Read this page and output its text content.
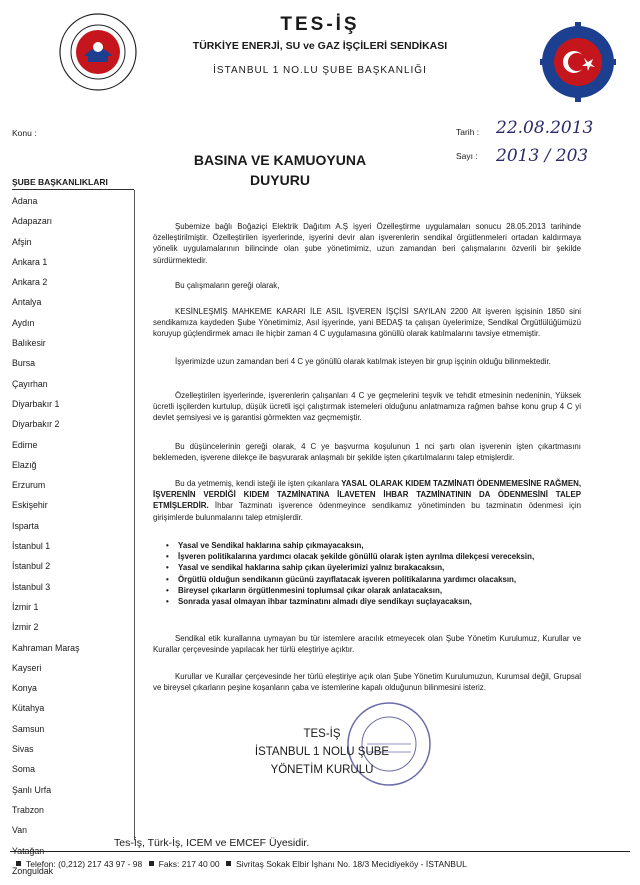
TES-İŞ
TÜRKİYE ENERJİ, SU ve GAZ İŞÇİLERİ SENDİKASI
İSTANBUL 1 NO.LU ŞUBE BAŞKANLIĞI
Konu :	Tarih : 22.08.2013
Sayı : 2013 / 203
BASINA VE KAMUOYUNA
DUYURU
ŞUBE BAŞKANLIKLARI
Adana
Adapazarı
Afşin
Ankara 1
Ankara 2
Antalya
Aydın
Balıkesir
Bursa
Çayırhan
Diyarbakır 1
Diyarbakır 2
Edirne
Elazığ
Erzurum
Eskişehir
Isparta
İstanbul 1
İstanbul 2
İstanbul 3
İzmir 1
İzmir 2
Kahraman Maraş
Kayseri
Konya
Kütahya
Samsun
Sivas
Soma
Şanlı Urfa
Trabzon
Van
Zonguldak

Şubemize bağlı Boğaziçi Elektrik Dağıtım A.Ş işyeri Özelleştirme uygulamaları sonucu 28.05.2013 tarihinde özelleştirilmiştir. Özelleştirilen işyerlerinde, işyerini devir alan işverenlerin sendikal örgütlenmeleri ortadan kaldırmaya yönelik uygulamalarının bilincinde olan şube yönetimimiz, uzun zamandan beri çalışmalarını özverili bir şekilde sürdürmektedir.

Bu çalışmaların gereği olarak,

KESİNLEŞMİŞ MAHKEME KARARI İLE ASIL İŞVEREN İŞÇİSİ SAYILAN 2200 Alt işveren işçisinin 1850 sini sendikamıza kaydeden Şube Yönetimimiz, Asıl işyerinde, yani BEDAŞ ta çalışan üyelerimize, Sendikal Örgütlülüğümüzü koruyup güçlendirmek amacı ile hiçbir zaman 4 C uygulamasına gönüllü olarak katılmalarını tavsiye etmemiştir.

İşyerimizde uzun zamandan beri 4 C ye gönüllü olarak katılmak isteyen bir grup işçinin olduğu bilinmektedir.

Özelleştirilen işyerlerinde, işverenlerin çalışanları 4 C ye geçmelerini teşvik ve tehdit etmesinin nedeninin, Yüksek ücretli işçilerden kurtulup, düşük ücretli işçi çalıştırmak istemeleri olduğunu anlatmamıza rağmen bahse konu grup 4 C yi devlet şemsiyesi ve iş garantisi görmekten vaz geçmemiştir.

Bu düşüncelerinin gereği olarak, 4 C ye başvurma koşulunun 1 nci şartı olan işverenin işten çıkartmasını beklemeden, işverene dilekçe ile başvurarak anlaşmalı bir şekilde işten çıkartılmalarını talep etmişlerdir.

Bu da yetmemiş, kendi isteği ile işten çıkanlara YASAL OLARAK KIDEM TAZMİNATI ÖDENMEMESİNE RAĞMEN, İŞVERENİN VERDİĞİ KIDEM TAZMİNATINA İLAVETEN İHBAR TAZMİNATININ DA ÖDENMESİNİ TALEP ETMİŞLERDİR. İhbar Tazminatı işverence ödenmeyince sendikamız yönetiminden bu tazminatın ödenmesi için girişimlerde bulunmalarını talep etmişlerdir.

• Yasal ve Sendikal haklarına sahip çıkmayacaksın,
• İşveren politikalarına yardımcı olacak şekilde gönüllü olarak işten ayrılma dilekçesi vereceksin,
• Yasal ve sendikal haklarına sahip çıkan üyelerimizi yalnız bırakacaksın,
• Örgütlü olduğun sendikanın gücünü zayıflatacak işveren politikalarına yardımcı olacaksın,
• Bireysel çıkarların örgütlenmesini toplumsal çıkar olarak anlatacaksın,
• Sonrada yasal olmayan ihbar tazminatını almadı diye sendikayı suçlayacaksın,

Sendikal etik kurallarına uymayan bu tür istemlere aracılık etmeyecek olan Şube Yönetim Kurulumuz, Kurullar ve Kurallar çerçevesinde yapılacak her türlü eleştiriye açıktır.

Kurullar ve Kurallar çerçevesinde her türlü eleştiriye açık olan Şube Yönetim Kurulumuzun, Kurumsal değil, Grupsal ve bireysel çıkarların peşine koşanların çaba ve istemlerine kapalı olduğunun bilinmesini isteriz.

TES-İŞ
İSTANBUL 1 NOLU ŞUBE
YÖNETİM KURULU
Tes-İş, Türk-İş, ICEM ve EMCEF Üyesidir.
Telefon: (0,212) 217 43 97 - 98 Faks: 217 40 00 Sivritaş Sokak Elbir İşhanı No. 18/3 Mecidiyeköy - İSTANBUL
